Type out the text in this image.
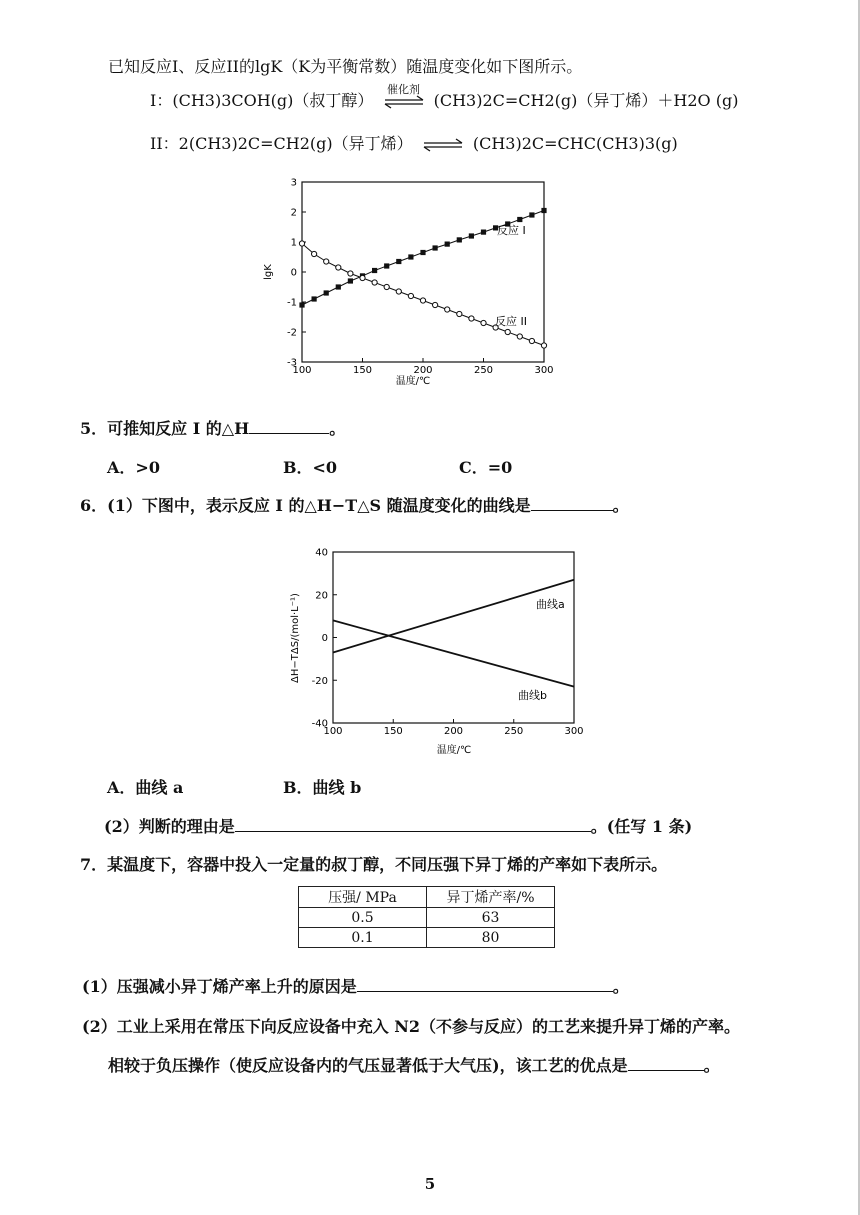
已知反应I、反应II的lgK（K为平衡常数）随温度变化如下图所示。
I：(CH3)3COH(g)（叔丁醇）
催化剂
(CH3)2C=CH2(g)（异丁烯）＋H2O (g)
II：2(CH3)2C=CH2(g)（异丁烯） ⇌ (CH3)2C=CHC(CH3)3(g)
100	150	200	250	300
3
2
1
0
-1
-2
-3
温度/℃
lgK
反应 I
反应 II
5．可推知反应 I 的△H	。
A．>0	B．<0	C．=0
6．(1）下图中，表示反应 I 的△H−T△S 随温度变化的曲线是	。
100	150	200	250	300
40
20
0
-20
-40
温度/℃
ΔH−TΔS/(mol·L⁻¹)	曲线a
曲线b
A．曲线 a	B．曲线 b
(2）判断的理由是	。(任写 1 条)
7．某温度下，容器中投入一定量的叔丁醇，不同压强下异丁烯的产率如下表所示。
压强/ MPa	异丁烯产率/%
0.5	63
0.1	80
(1）压强减小异丁烯产率上升的原因是	。
(2）工业上采用在常压下向反应设备中充入 N2（不参与反应）的工艺来提升异丁烯的产率。
相较于负压操作（使反应设备内的气压显著低于大气压)，该工艺的优点是	。
5
